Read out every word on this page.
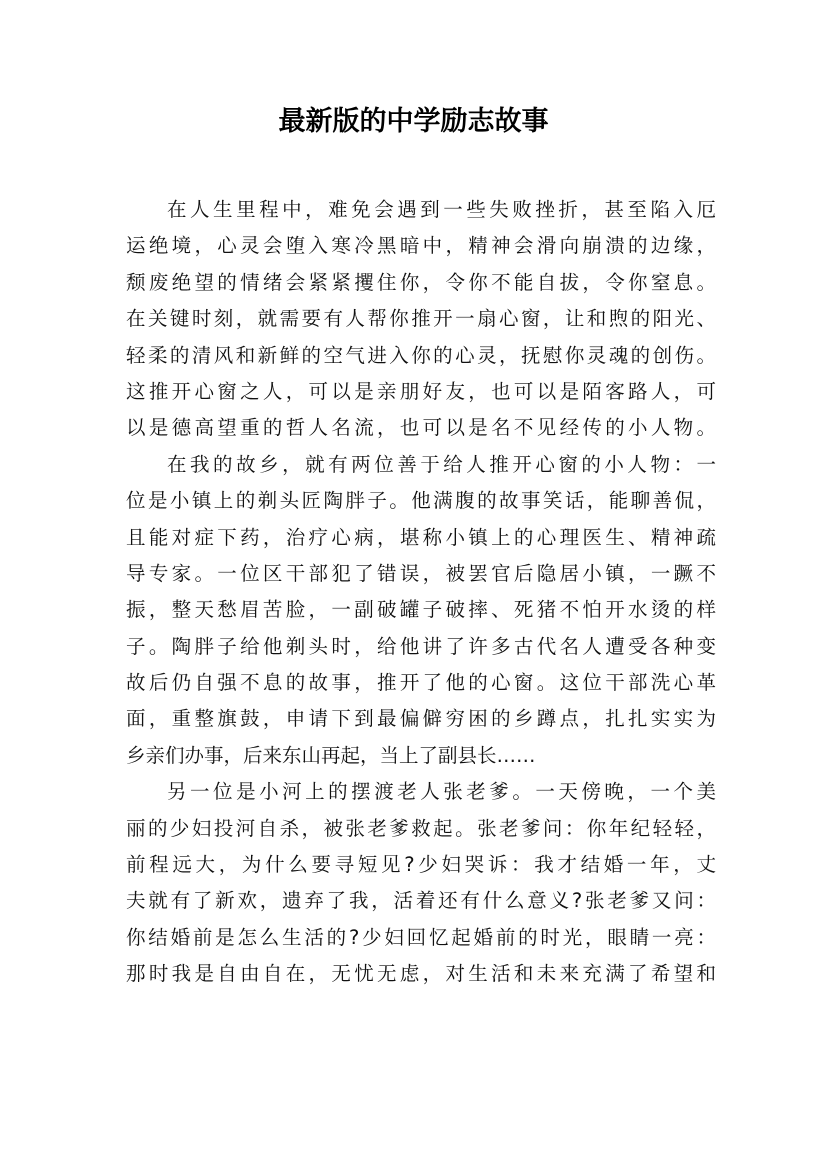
最新版的中学励志故事
在人生里程中，难免会遇到一些失败挫折，甚至陷入厄
运绝境，心灵会堕入寒冷黑暗中，精神会滑向崩溃的边缘，
颓废绝望的情绪会紧紧攫住你，令你不能自拔，令你窒息。
在关键时刻，就需要有人帮你推开一扇心窗，让和煦的阳光、
轻柔的清风和新鲜的空气进入你的心灵，抚慰你灵魂的创伤。
这推开心窗之人，可以是亲朋好友，也可以是陌客路人，可
以是德高望重的哲人名流，也可以是名不见经传的小人物。
在我的故乡，就有两位善于给人推开心窗的小人物：一
位是小镇上的剃头匠陶胖子。他满腹的故事笑话，能聊善侃，
且能对症下药，治疗心病，堪称小镇上的心理医生、精神疏
导专家。一位区干部犯了错误，被罢官后隐居小镇，一蹶不
振，整天愁眉苦脸，一副破罐子破摔、死猪不怕开水烫的样
子。陶胖子给他剃头时，给他讲了许多古代名人遭受各种变
故后仍自强不息的故事，推开了他的心窗。这位干部洗心革
面，重整旗鼓，申请下到最偏僻穷困的乡蹲点，扎扎实实为
乡亲们办事，后来东山再起，当上了副县长……
另一位是小河上的摆渡老人张老爹。一天傍晚，一个美
丽的少妇投河自杀，被张老爹救起。张老爹问：你年纪轻轻，
前程远大，为什么要寻短见?少妇哭诉：我才结婚一年，丈
夫就有了新欢，遗弃了我，活着还有什么意义?张老爹又问：
你结婚前是怎么生活的?少妇回忆起婚前的时光，眼睛一亮：
那时我是自由自在，无忧无虑，对生活和未来充满了希望和
